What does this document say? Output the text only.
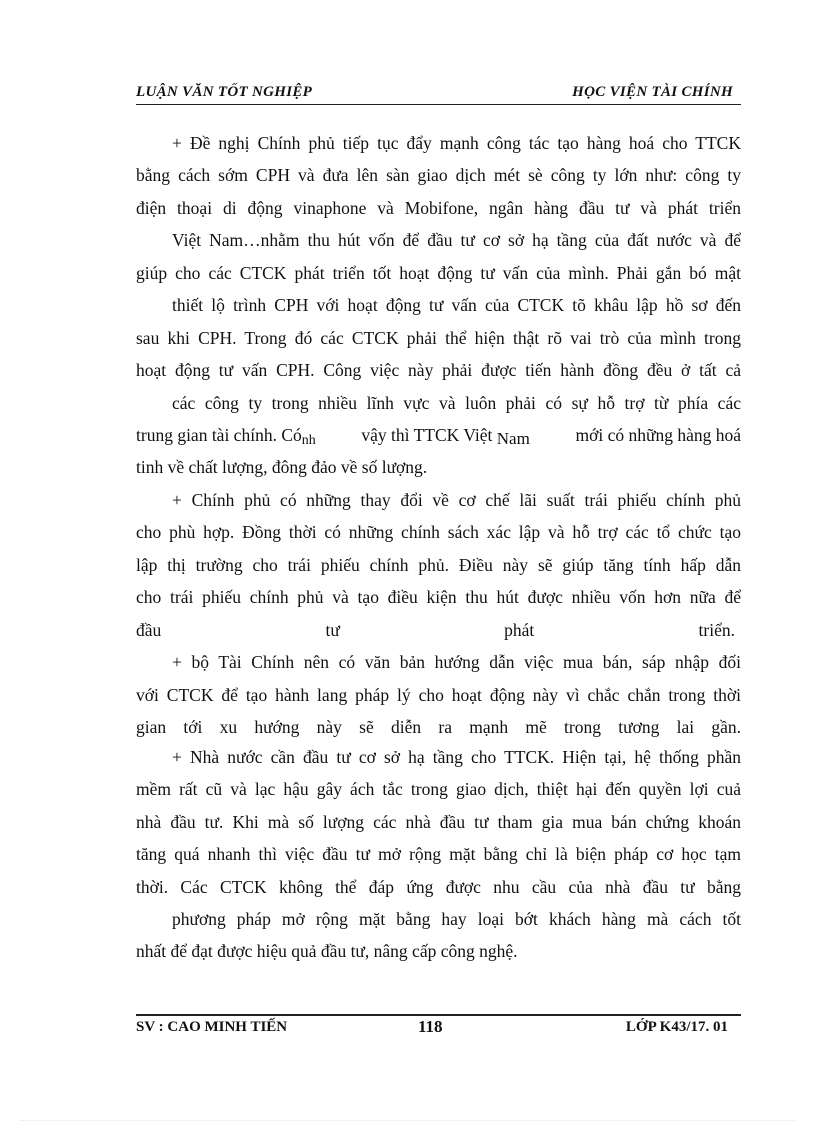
LUẬN VĂN TỐT NGHIỆP	HỌC VIỆN TÀI CHÍNH
+ Đề nghị Chính phủ tiếp tục đẩy mạnh công tác tạo hàng hoá cho TTCK
bằng cách sớm CPH và đưa lên sàn giao dịch mét sè công ty lớn như: công ty
điện thoại di động vinaphone và Mobifone, ngân hàng đầu tư và phát triển
Việt Nam…nhằm thu hút vốn để đầu tư cơ sở hạ tầng của đất nước và để
giúp cho các CTCK phát triển tốt hoạt động tư vấn của mình. Phải gắn bó mật
thiết lộ trình CPH với hoạt động tư vấn của CTCK tõ khâu lập hồ sơ đến
sau khi CPH. Trong đó các CTCK phải thể hiện thật rõ vai trò của mình trong
hoạt động tư vấn CPH. Công việc này phải được tiến hành đồng đều ở tất cả
các công ty trong nhiều lĩnh vực và luôn phải có sự hỗ trợ từ phía các
trung gian tài chính. Cónh	vậy thì TTCK Việt Nam	mới có những hàng hoá
tinh về chất lượng, đông đảo về số lượng.
+ Chính phủ có những thay đổi về cơ chế lãi suất trái phiếu chính phủ
cho phù hợp. Đồng thời có những chính sách xác lập và hỗ trợ các tổ chức tạo
lập thị trường cho trái phiếu chính phủ. Điều này sẽ giúp tăng tính hấp dẫn
cho trái phiếu chính phủ và tạo điều kiện thu hút được nhiều vốn hơn nữa để
đầu	tư	phát	triển.
+ bộ Tài Chính nên có văn bản hướng dẫn việc mua bán, sáp nhập đối
với CTCK để tạo hành lang pháp lý cho hoạt động này vì chắc chắn trong thời
gian tới xu hướng này sẽ diễn ra mạnh mẽ trong tương lai gần.
+ Nhà nước cần đầu tư cơ sở hạ tầng cho TTCK. Hiện tại, hệ thống phần
mềm rất cũ và lạc hậu gây ách tắc trong giao dịch, thiệt hại đến quyền lợi cuả
nhà đầu tư. Khi mà số lượng các nhà đầu tư tham gia mua bán chứng khoán
tăng quá nhanh thì việc đầu tư mở rộng mặt bằng chỉ là biện pháp cơ học tạm
thời. Các CTCK không thể đáp ứng được nhu cầu của nhà đầu tư bằng
phương pháp mở rộng mặt bằng hay loại bớt khách hàng mà cách tốt
nhất để đạt được hiệu quả đầu tư, nâng cấp công nghệ.
SV : CAO MINH TIẾN	118	LỚP K43/17. 01
